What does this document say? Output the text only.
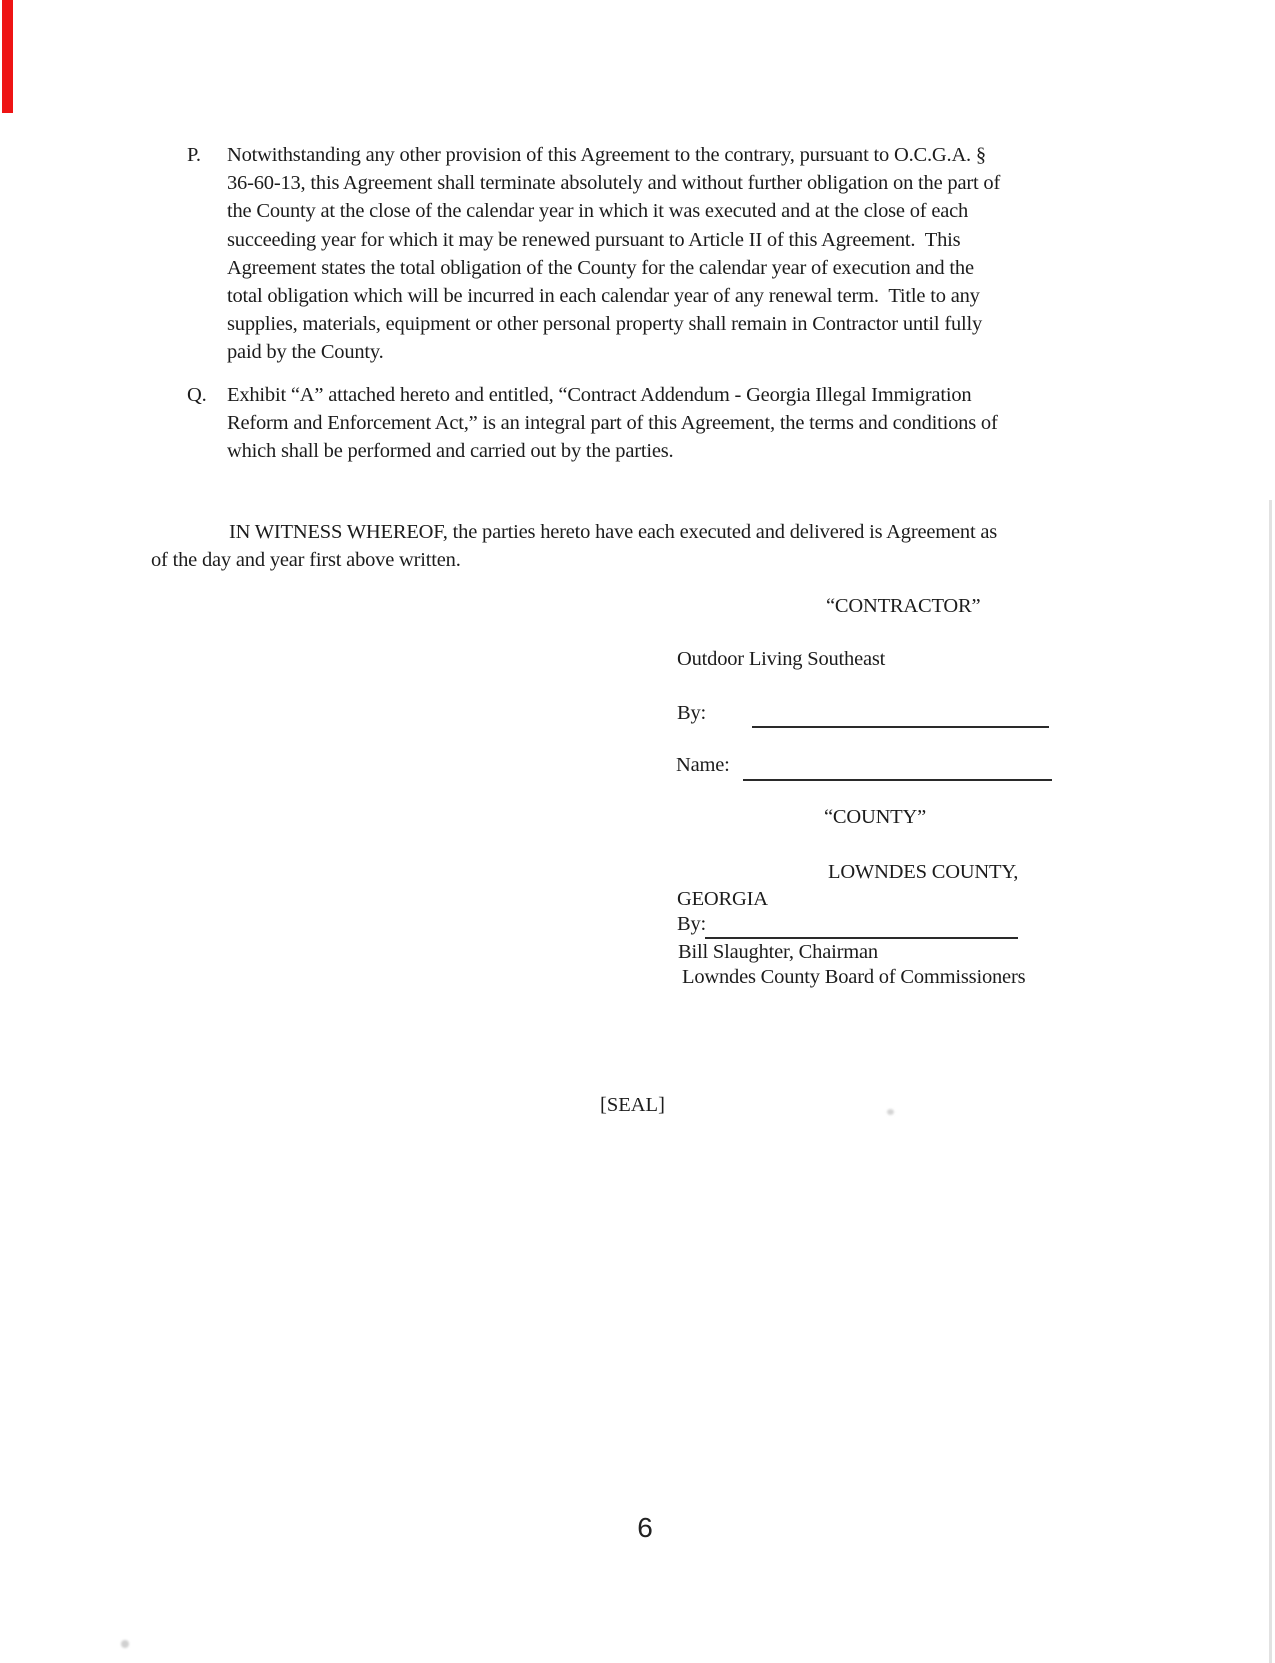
P.	Notwithstanding any other provision of this Agreement to the contrary, pursuant to O.C.G.A. §
36-60-13, this Agreement shall terminate absolutely and without further obligation on the part of
the County at the close of the calendar year in which it was executed and at the close of each
succeeding year for which it may be renewed pursuant to Article II of this Agreement.  This
Agreement states the total obligation of the County for the calendar year of execution and the
total obligation which will be incurred in each calendar year of any renewal term.  Title to any
supplies, materials, equipment or other personal property shall remain in Contractor until fully
paid by the County.
Q. Exhibit “A” attached hereto and entitled, “Contract Addendum - Georgia Illegal Immigration
Reform and Enforcement Act,” is an integral part of this Agreement, the terms and conditions of
which shall be performed and carried out by the parties.
IN WITNESS WHEREOF, the parties hereto have each executed and delivered is Agreement as
of the day and year first above written.
“CONTRACTOR”
Outdoor Living Southeast
By:
Name:
“COUNTY”
LOWNDES COUNTY,
GEORGIA
By:
Bill Slaughter, Chairman
Lowndes County Board of Commissioners
[SEAL]
6
